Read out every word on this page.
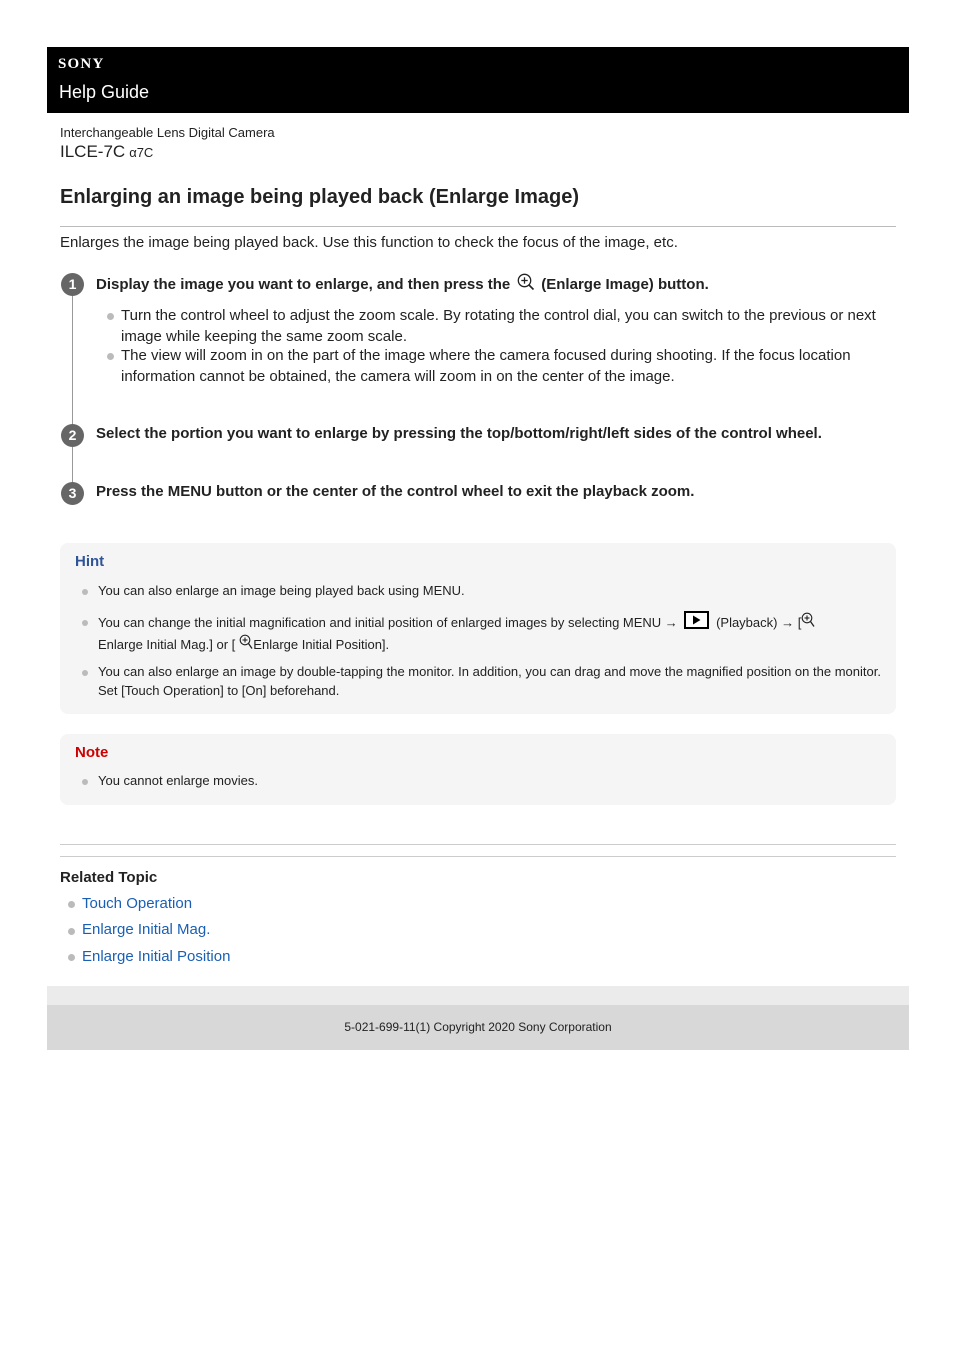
SONY
Help Guide
Interchangeable Lens Digital Camera
ILCE-7C α7C
Enlarging an image being played back (Enlarge Image)
Enlarges the image being played back. Use this function to check the focus of the image, etc.
1	Display the image you want to enlarge, and then press the (Enlarge Image) button.
Turn the control wheel to adjust the zoom scale. By rotating the control dial, you can switch to the previous or next image while keeping the same zoom scale.
The view will zoom in on the part of the image where the camera focused during shooting. If the focus location information cannot be obtained, the camera will zoom in on the center of the image.
2	Select the portion you want to enlarge by pressing the top/bottom/right/left sides of the control wheel.
3	Press the MENU button or the center of the control wheel to exit the playback zoom.
Hint
You can also enlarge an image being played back using MENU.
You can change the initial magnification and initial position of enlarged images by selecting MENU →	(Playback) → [
Enlarge Initial Mag.] or [ Enlarge Initial Position].
You can also enlarge an image by double-tapping the monitor. In addition, you can drag and move the magnified position on the monitor. Set [Touch Operation] to [On] beforehand.
Note
You cannot enlarge movies.
Related Topic
Touch Operation
Enlarge Initial Mag.
Enlarge Initial Position
5-021-699-11(1) Copyright 2020 Sony Corporation
